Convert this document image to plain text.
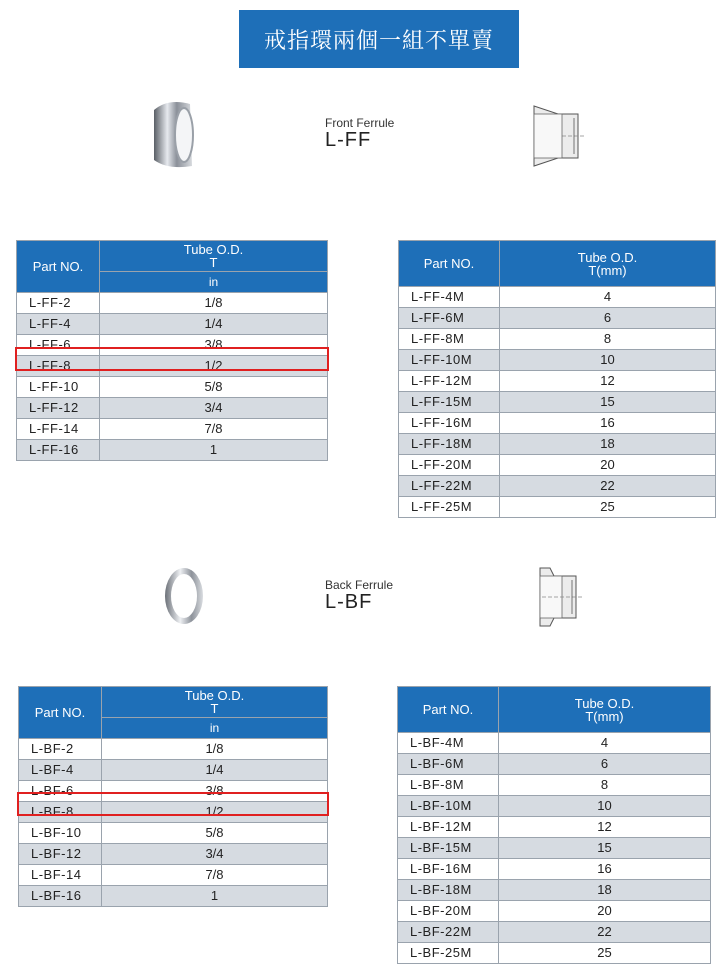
戒指環兩個一組不單賣
Front Ferrule
L-FF
Part NO.	Tube O.D.
T

	in
L-FF-2	1/8
L-FF-4	1/4
L-FF-6	3/8
L-FF-8	1/2
L-FF-10	5/8
L-FF-12	3/4
L-FF-14	7/8
L-FF-16	1
Part NO.	Tube O.D.
T(mm)

L-FF-4M	4
L-FF-6M	6
L-FF-8M	8
L-FF-10M	10
L-FF-12M	12
L-FF-15M	15
L-FF-16M	16
L-FF-18M	18
L-FF-20M	20
L-FF-22M	22
L-FF-25M	25
Back Ferrule
L-BF
Part NO.	Tube O.D.
T

	in
L-BF-2	1/8
L-BF-4	1/4
L-BF-6	3/8
L-BF-8	1/2
L-BF-10	5/8
L-BF-12	3/4
L-BF-14	7/8
L-BF-16	1
Part NO.	Tube O.D.
T(mm)

L-BF-4M	4
L-BF-6M	6
L-BF-8M	8
L-BF-10M	10
L-BF-12M	12
L-BF-15M	15
L-BF-16M	16
L-BF-18M	18
L-BF-20M	20
L-BF-22M	22
L-BF-25M	25
